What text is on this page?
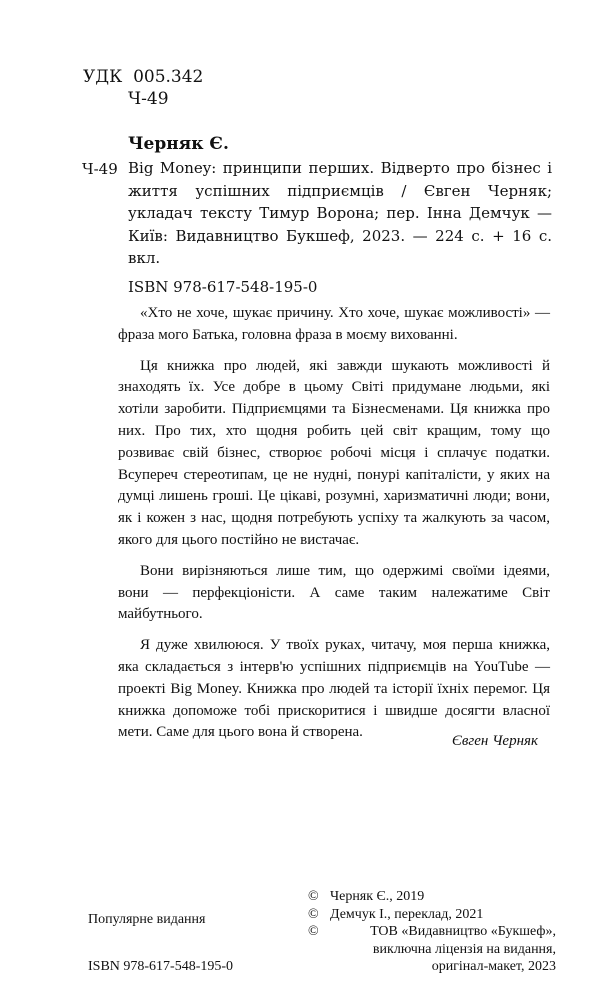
УДК 005.342
Ч-49
Черняк Є.
Ч-49 Big Money: принципи перших. Відверто про бізнес і життя успішних підприємців / Євген Черняк; укладач тексту Тимур Ворона; пер. Інна Демчук — Київ: Видавництво Букшеф, 2023. — 224 с. + 16 с. вкл.
ISBN 978-617-548-195-0

«Хто не хоче, шукає причину. Хто хоче, шукає можливості» — фраза мого Батька, головна фраза в моєму вихованні.

Ця книжка про людей, які завжди шукають можливості й знаходять їх. Усе добре в цьому Світі придумане людьми, які хотіли заробити. Підприємцями та Бізнесменами. Ця книжка про них. Про тих, хто щодня робить цей світ кращим, тому що розвиває свій бізнес, створює робочі місця і сплачує податки. Всупереч стереотипам, це не нудні, понурі капіталісти, у яких на думці лишень гроші. Це цікаві, розумні, харизматичні люди; вони, як і кожен з нас, щодня потребують успіху та жалкують за часом, якого для цього постійно не вистачає.

Вони вирізняються лише тим, що одержимі своїми ідеями, вони — перфекціоністи. А саме таким належатиме Світ майбутнього.

Я дуже хвилююся. У твоїх руках, читачу, моя перша книжка, яка складається з інтерв'ю успішних підприємців на YouTube — проекті Big Money. Книжка про людей та історії їхніх перемог. Ця книжка допоможе тобі прискоритися і швидше досягти власної мети. Саме для цього вона й створена.

Євген Черняк
Популярне видання
ISBN 978-617-548-195-0
© Черняк Є., 2019
© Демчук І., переклад, 2021
©	ТОВ «Видавництво «Букшеф», виключна ліцензія на видання, оригінал-макет, 2023
